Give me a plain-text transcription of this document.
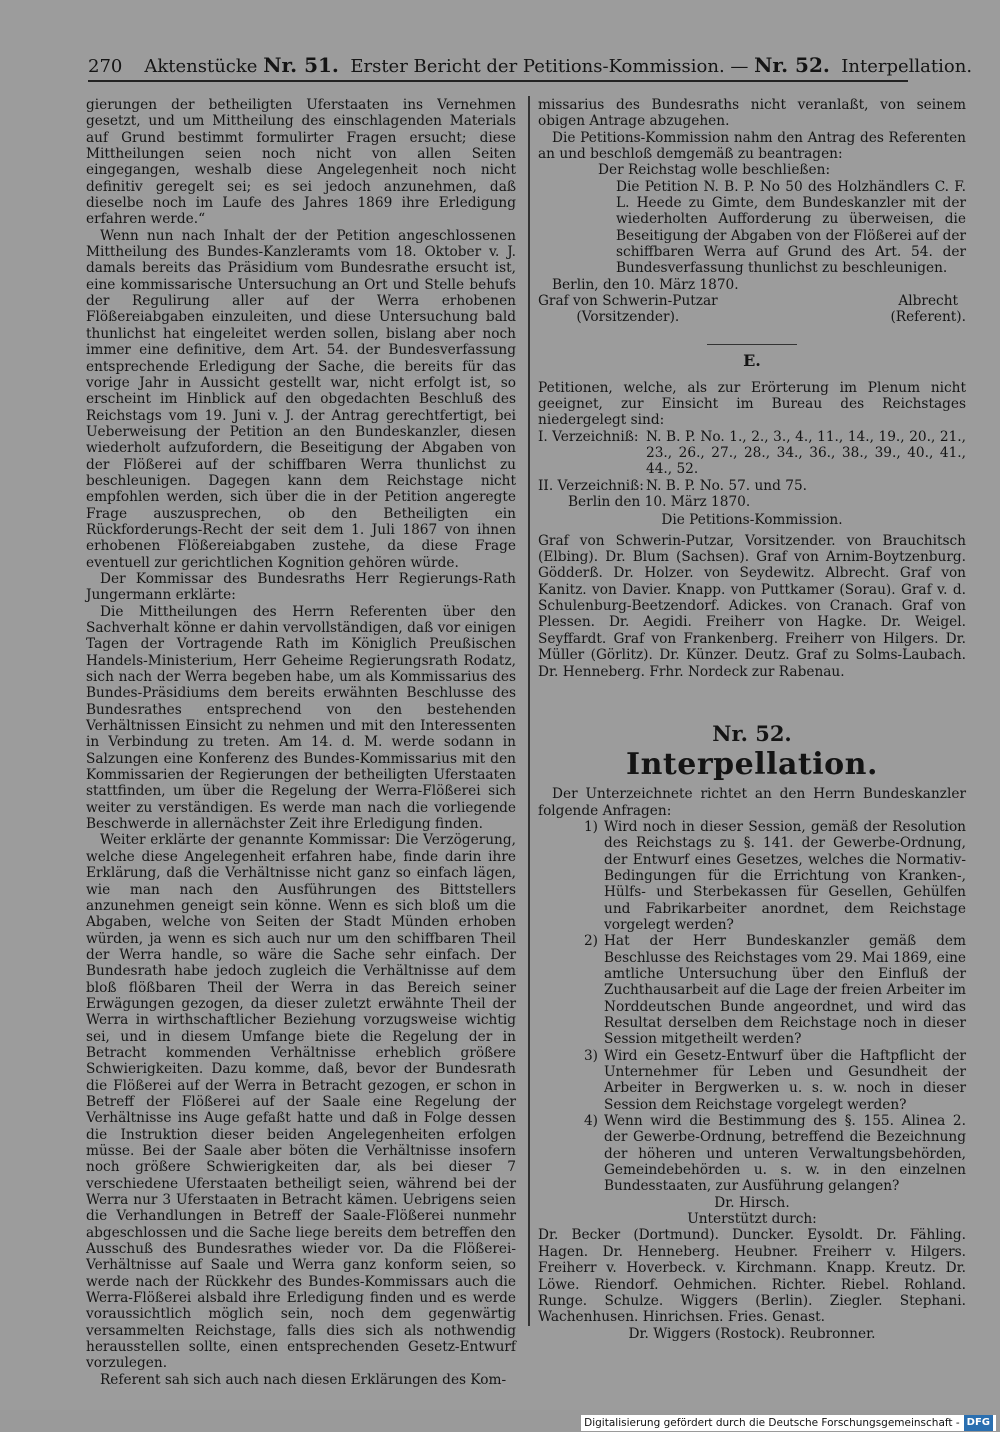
270 Aktenstücke
Nr. 51.
Erster Bericht der Petitions-Kommission. —
Nr. 52.
Interpellation.

gierungen der betheiligten Uferstaaten ins Vernehmen gesetzt, und um Mittheilung des einschlagenden Materials auf Grund bestimmt formulirter Fragen ersucht; diese Mittheilungen seien noch nicht von allen Seiten eingegangen, weshalb diese Angelegenheit noch nicht definitiv geregelt sei; es sei jedoch anzunehmen, daß dieselbe noch im Laufe des Jahres 1869 ihre Erledigung erfahren werde.“

Wenn nun nach Inhalt der der Petition angeschlossenen Mittheilung des Bundes-Kanzleramts vom 18. Oktober v. J. damals bereits das Präsidium vom Bundesrathe ersucht ist, eine kommissarische Untersuchung an Ort und Stelle behufs der Regulirung aller auf der Werra erhobenen Flößereiabgaben einzuleiten, und diese Untersuchung bald thunlichst hat eingeleitet werden sollen, bislang aber noch immer eine definitive, dem Art. 54. der Bundesverfassung entsprechende Erledigung der Sache, die bereits für das vorige Jahr in Aussicht gestellt war, nicht erfolgt ist, so erscheint im Hinblick auf den obgedachten Beschluß des Reichstags vom 19. Juni v. J. der Antrag gerechtfertigt, bei Ueberweisung der Petition an den Bundeskanzler, diesen wiederholt aufzufordern, die Beseitigung der Abgaben von der Flößerei auf der schiffbaren Werra thunlichst zu beschleunigen. Dagegen kann dem Reichstage nicht empfohlen werden, sich über die in der Petition angeregte Frage auszusprechen, ob den Betheiligten ein Rückforderungs-Recht der seit dem 1. Juli 1867 von ihnen erhobenen Flößereiabgaben zustehe, da diese Frage eventuell zur gerichtlichen Kognition gehören würde.

Der Kommissar des Bundesraths Herr Regierungs-Rath Jungermann erklärte:

Die Mittheilungen des Herrn Referenten über den Sachverhalt könne er dahin vervollständigen, daß vor einigen Tagen der Vortragende Rath im Königlich Preußischen Handels-Ministerium, Herr Geheime Regierungsrath Rodatz, sich nach der Werra begeben habe, um als Kommissarius des Bundes-Präsidiums dem bereits erwähnten Beschlusse des Bundesrathes entsprechend von den bestehenden Verhältnissen Einsicht zu nehmen und mit den Interessenten in Verbindung zu treten. Am 14. d. M. werde sodann in Salzungen eine Konferenz des Bundes-Kommissarius mit den Kommissarien der Regierungen der betheiligten Uferstaaten stattfinden, um über die Regelung der Werra-Flößerei sich weiter zu verständigen. Es werde man nach die vorliegende Beschwerde in allernächster Zeit ihre Erledigung finden.

Weiter erklärte der genannte Kommissar: Die Verzögerung, welche diese Angelegenheit erfahren habe, finde darin ihre Erklärung, daß die Verhältnisse nicht ganz so einfach lägen, wie man nach den Ausführungen des Bittstellers anzunehmen geneigt sein könne. Wenn es sich bloß um die Abgaben, welche von Seiten der Stadt Münden erhoben würden, ja wenn es sich auch nur um den schiffbaren Theil der Werra handle, so wäre die Sache sehr einfach. Der Bundesrath habe jedoch zugleich die Verhältnisse auf dem bloß flößbaren Theil der Werra in das Bereich seiner Erwägungen gezogen, da dieser zuletzt erwähnte Theil der Werra in wirthschaftlicher Beziehung vorzugsweise wichtig sei, und in diesem Umfange biete die Regelung der in Betracht kommenden Verhältnisse erheblich größere Schwierigkeiten. Dazu komme, daß, bevor der Bundesrath die Flößerei auf der Werra in Betracht gezogen, er schon in Betreff der Flößerei auf der Saale eine Regelung der Verhältnisse ins Auge gefaßt hatte und daß in Folge dessen die Instruktion dieser beiden Angelegenheiten erfolgen müsse. Bei der Saale aber böten die Verhältnisse insofern noch größere Schwierigkeiten dar, als bei dieser 7 verschiedene Uferstaaten betheiligt seien, während bei der Werra nur 3 Uferstaaten in Betracht kämen. Uebrigens seien die Verhandlungen in Betreff der Saale-Flößerei nunmehr abgeschlossen und die Sache liege bereits dem betreffen den Ausschuß des Bundesrathes wieder vor. Da die Flößerei-Verhältnisse auf Saale und Werra ganz konform seien, so werde nach der Rückkehr des Bundes-Kommissars auch die Werra-Flößerei alsbald ihre Erledigung finden und es werde voraussichtlich möglich sein, noch dem gegenwärtig versammelten Reichstage, falls dies sich als nothwendig herausstellen sollte, einen entsprechenden Gesetz-Entwurf vorzulegen.

Referent sah sich auch nach diesen Erklärungen des Kom-

missarius des Bundesraths nicht veranlaßt, von seinem obigen Antrage abzugehen.

Die Petitions-Kommission nahm den Antrag des Referenten an und beschloß demgemäß zu beantragen:

Der Reichstag wolle beschließen:

Die Petition N. B. P. No 50 des Holzhändlers C. F. L. Heede zu Gimte, dem Bundeskanzler mit der wiederholten Aufforderung zu überweisen, die Beseitigung der Abgaben von der Flößerei auf der schiffbaren Werra auf Grund des Art. 54. der Bundesverfassung thunlichst zu beschleunigen.

Berlin, den 10. März 1870.

Graf von Schwerin-Putzar
(Vorsitzender).
Albrecht
(Referent).
E.

Petitionen, welche, als zur Erörterung im Plenum nicht geeignet, zur Einsicht im Bureau des Reichstages niedergelegt sind:

I. Verzeichniß: N. B. P. No. 1., 2., 3., 4., 11., 14., 19., 20., 21., 23., 26., 27., 28., 34., 36., 38., 39., 40., 41., 44., 52.
II. Verzeichniß: N. B. P. No. 57. und 75.

Berlin den 10. März 1870.

Die Petitions-Kommission.

Graf von Schwerin-Putzar, Vorsitzender. von Brauchitsch (Elbing). Dr. Blum (Sachsen). Graf von Arnim-Boytzenburg. Gödderß. Dr. Holzer. von Seydewitz. Albrecht. Graf von Kanitz. von Davier. Knapp. von Puttkamer (Sorau). Graf v. d. Schulenburg-Beetzendorf. Adickes. von Cranach. Graf von Plessen. Dr. Aegidi. Freiherr von Hagke. Dr. Weigel. Seyffardt. Graf von Frankenberg. Freiherr von Hilgers. Dr. Müller (Görlitz). Dr. Künzer. Deutz. Graf zu Solms-Laubach. Dr. Henneberg. Frhr. Nordeck zur Rabenau.

Nr. 52.
Interpellation.

Der Unterzeichnete richtet an den Herrn Bundeskanzler folgende Anfragen:

1) Wird noch in dieser Session, gemäß der Resolution des Reichstags zu §. 141. der Gewerbe-Ordnung, der Entwurf eines Gesetzes, welches die Normativ-Bedingungen für die Errichtung von Kranken-, Hülfs- und Sterbekassen für Gesellen, Gehülfen und Fabrikarbeiter anordnet, dem Reichstage vorgelegt werden?
2) Hat der Herr Bundeskanzler gemäß dem Beschlusse des Reichstages vom 29. Mai 1869, eine amtliche Untersuchung über den Einfluß der Zuchthausarbeit auf die Lage der freien Arbeiter im Norddeutschen Bunde angeordnet, und wird das Resultat derselben dem Reichstage noch in dieser Session mitgetheilt werden?
3) Wird ein Gesetz-Entwurf über die Haftpflicht der Unternehmer für Leben und Gesundheit der Arbeiter in Bergwerken u. s. w. noch in dieser Session dem Reichstage vorgelegt werden?
4) Wenn wird die Bestimmung des §. 155. Alinea 2. der Gewerbe-Ordnung, betreffend die Bezeichnung der höheren und unteren Verwaltungsbehörden, Gemeindebehörden u. s. w. in den einzelnen Bundesstaaten, zur Ausführung gelangen?

Dr. Hirsch.

Unterstützt durch:

Dr. Becker (Dortmund). Duncker. Eysoldt. Dr. Fähling. Hagen. Dr. Henneberg. Heubner. Freiherr v. Hilgers. Freiherr v. Hoverbeck. v. Kirchmann. Knapp. Kreutz. Dr. Löwe. Riendorf. Oehmichen. Richter. Riebel. Rohland. Runge. Schulze. Wiggers (Berlin). Ziegler. Stephani. Wachenhusen. Hinrichsen. Fries. Genast.

Dr. Wiggers (Rostock). Reubronner.

Digitalisierung gefördert durch die Deutsche Forschungsgemeinschaft - DFG
